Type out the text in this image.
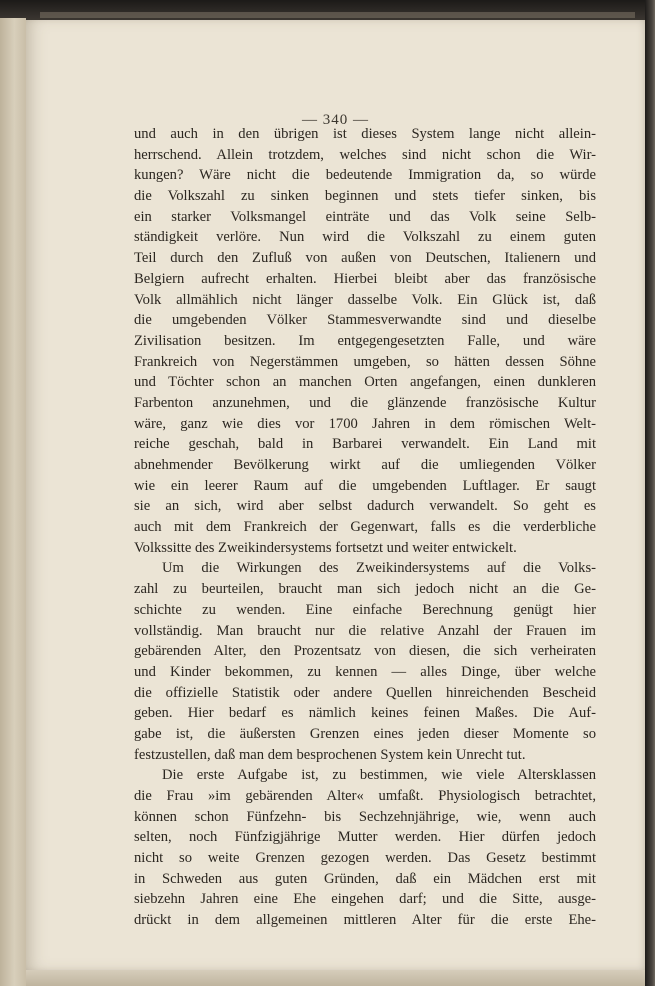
— 340 —
und auch in den übrigen ist dieses System lange nicht allein-
herrschend. Allein trotzdem, welches sind nicht schon die Wir-
kungen? Wäre nicht die bedeutende Immigration da, so würde
die Volkszahl zu sinken beginnen und stets tiefer sinken, bis
ein starker Volksmangel einträte und das Volk seine Selb-
ständigkeit verlöre. Nun wird die Volkszahl zu einem guten
Teil durch den Zufluß von außen von Deutschen, Italienern und
Belgiern aufrecht erhalten. Hierbei bleibt aber das französische
Volk allmählich nicht länger dasselbe Volk. Ein Glück ist, daß
die umgebenden Völker Stammesverwandte sind und dieselbe
Zivilisation besitzen. Im entgegengesetzten Falle, und wäre
Frankreich von Negerstämmen umgeben, so hätten dessen Söhne
und Töchter schon an manchen Orten angefangen, einen dunkleren
Farbenton anzunehmen, und die glänzende französische Kultur
wäre, ganz wie dies vor 1700 Jahren in dem römischen Welt-
reiche geschah, bald in Barbarei verwandelt. Ein Land mit
abnehmender Bevölkerung wirkt auf die umliegenden Völker
wie ein leerer Raum auf die umgebenden Luftlager. Er saugt
sie an sich, wird aber selbst dadurch verwandelt. So geht es
auch mit dem Frankreich der Gegenwart, falls es die verderbliche
Volkssitte des Zweikindersystems fortsetzt und weiter entwickelt.
Um die Wirkungen des Zweikindersystems auf die Volks-
zahl zu beurteilen, braucht man sich jedoch nicht an die Ge-
schichte zu wenden. Eine einfache Berechnung genügt hier
vollständig. Man braucht nur die relative Anzahl der Frauen im
gebärenden Alter, den Prozentsatz von diesen, die sich verheiraten
und Kinder bekommen, zu kennen — alles Dinge, über welche
die offizielle Statistik oder andere Quellen hinreichenden Bescheid
geben. Hier bedarf es nämlich keines feinen Maßes. Die Auf-
gabe ist, die äußersten Grenzen eines jeden dieser Momente so
festzustellen, daß man dem besprochenen System kein Unrecht tut.
Die erste Aufgabe ist, zu bestimmen, wie viele Altersklassen
die Frau »im gebärenden Alter« umfaßt. Physiologisch betrachtet,
können schon Fünfzehn- bis Sechzehnjährige, wie, wenn auch
selten, noch Fünfzigjährige Mutter werden. Hier dürfen jedoch
nicht so weite Grenzen gezogen werden. Das Gesetz bestimmt
in Schweden aus guten Gründen, daß ein Mädchen erst mit
siebzehn Jahren eine Ehe eingehen darf; und die Sitte, ausge-
drückt in dem allgemeinen mittleren Alter für die erste Ehe-
